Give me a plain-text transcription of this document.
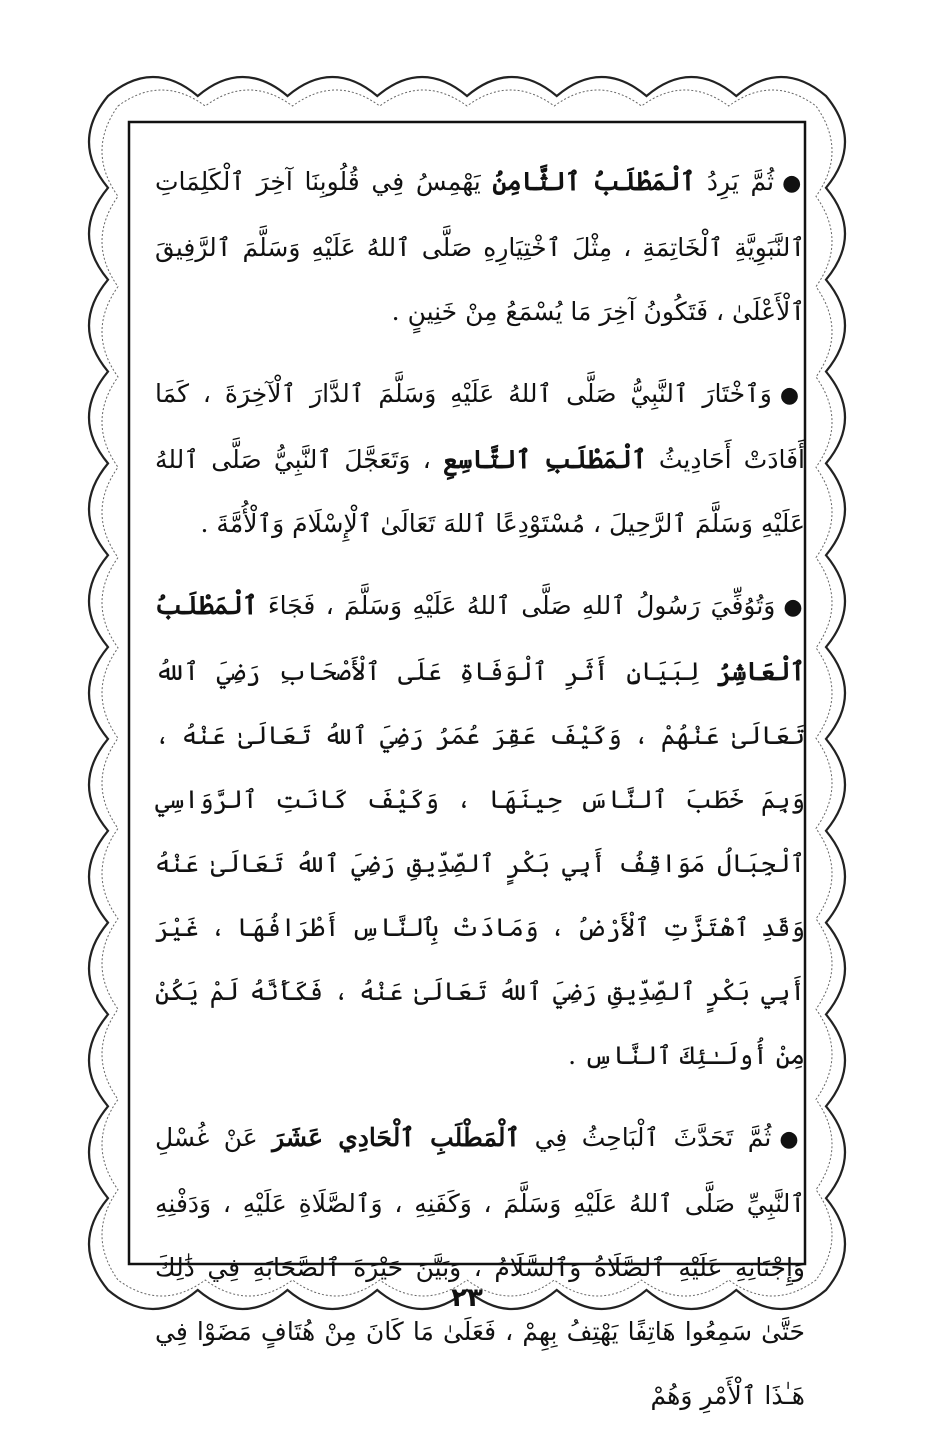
●ثُمَّ يَرِدُ ٱلْمَطْلَبُ ٱلثَّامِنُ يَهْمِسُ فِي قُلُوبِنَا آخِرَ ٱلْكَلِمَاتِ ٱلنَّبَوِيَّةِ ٱلْخَاتِمَةِ ، مِثْلَ ٱخْتِيَارِهِ صَلَّى ٱللهُ عَلَيْهِ وَسَلَّمَ ٱلرَّفِيقَ ٱلْأَعْلَىٰ ، فَتَكُونُ آخِرَ مَا يُسْمَعُ مِنْ خَنِينٍ .

●وَٱخْتَارَ ٱلنَّبِيُّ صَلَّى ٱللهُ عَلَيْهِ وَسَلَّمَ ٱلدَّارَ ٱلْآخِرَةَ ، كَمَا أَفَادَتْ أَحَادِيثُ ٱلْمَطْلَبِ ٱلتَّاسِعِ ، وَتَعَجَّلَ ٱلنَّبِيُّ صَلَّى ٱللهُ عَلَيْهِ وَسَلَّمَ ٱلرَّحِيلَ ، مُسْتَوْدِعًا ٱللهَ تَعَالَىٰ ٱلْإِسْلَامَ وَٱلْأُمَّةَ .

●وَتُوُفِّيَ رَسُولُ ٱللهِ صَلَّى ٱللهُ عَلَيْهِ وَسَلَّمَ ، فَجَاءَ ٱلْمَطْلَبُ ٱلْعَاشِرُ لِبَيَانِ أَثَرِ ٱلْوَفَاةِ عَلَى ٱلْأَصْحَابِ رَضِيَ ٱللهُ تَعَالَىٰ عَنْهُمْ ، وَكَيْفَ عَقِرَ عُمَرُ رَضِيَ ٱللهُ تَعَالَىٰ عَنْهُ ، وَبِمَ خَطَبَ ٱلنَّاسَ حِينَهَا ، وَكَيْفَ كَانَتِ ٱلرَّوَاسِي ٱلْجِبَالُ مَوَاقِفُ أَبِي بَكْرٍ ٱلصِّدِّيقِ رَضِيَ ٱللهُ تَعَالَىٰ عَنْهُ وَقَدِ ٱهْتَزَّتِ ٱلْأَرْضُ ، وَمَادَتْ بِٱلنَّاسِ أَطْرَافُهَا ، غَيْرَ أَبِي بَكْرٍ ٱلصِّدِّيقِ رَضِيَ ٱللهُ تَعَالَىٰ عَنْهُ ، فَكَأَنَّهُ لَمْ يَكُنْ مِنْ أُولَـٰئِكَ ٱلنَّاسِ .

●ثُمَّ تَحَدَّثَ ٱلْبَاحِثُ فِي ٱلْمَطْلَبِ ٱلْحَادِي عَشَرَ عَنْ غُسْلِ ٱلنَّبِيِّ صَلَّى ٱللهُ عَلَيْهِ وَسَلَّمَ ، وَكَفَنِهِ ، وَٱلصَّلَاةِ عَلَيْهِ ، وَدَفْنِهِ وَإِجْنَانِهِ عَلَيْهِ ٱلصَّلَاةُ وَٱلسَّلَامُ ، وَبَيَّنَ حَيْرَةَ ٱلصَّحَابَةِ فِي ذَٰلِكَ حَتَّىٰ سَمِعُوا هَاتِفًا يَهْتِفُ بِهِمْ ، فَعَلَىٰ مَا كَانَ مِنْ هُتَافٍ مَضَوْا فِي هَـٰذَا ٱلْأَمْرِ وَهُمْ

٢٣
